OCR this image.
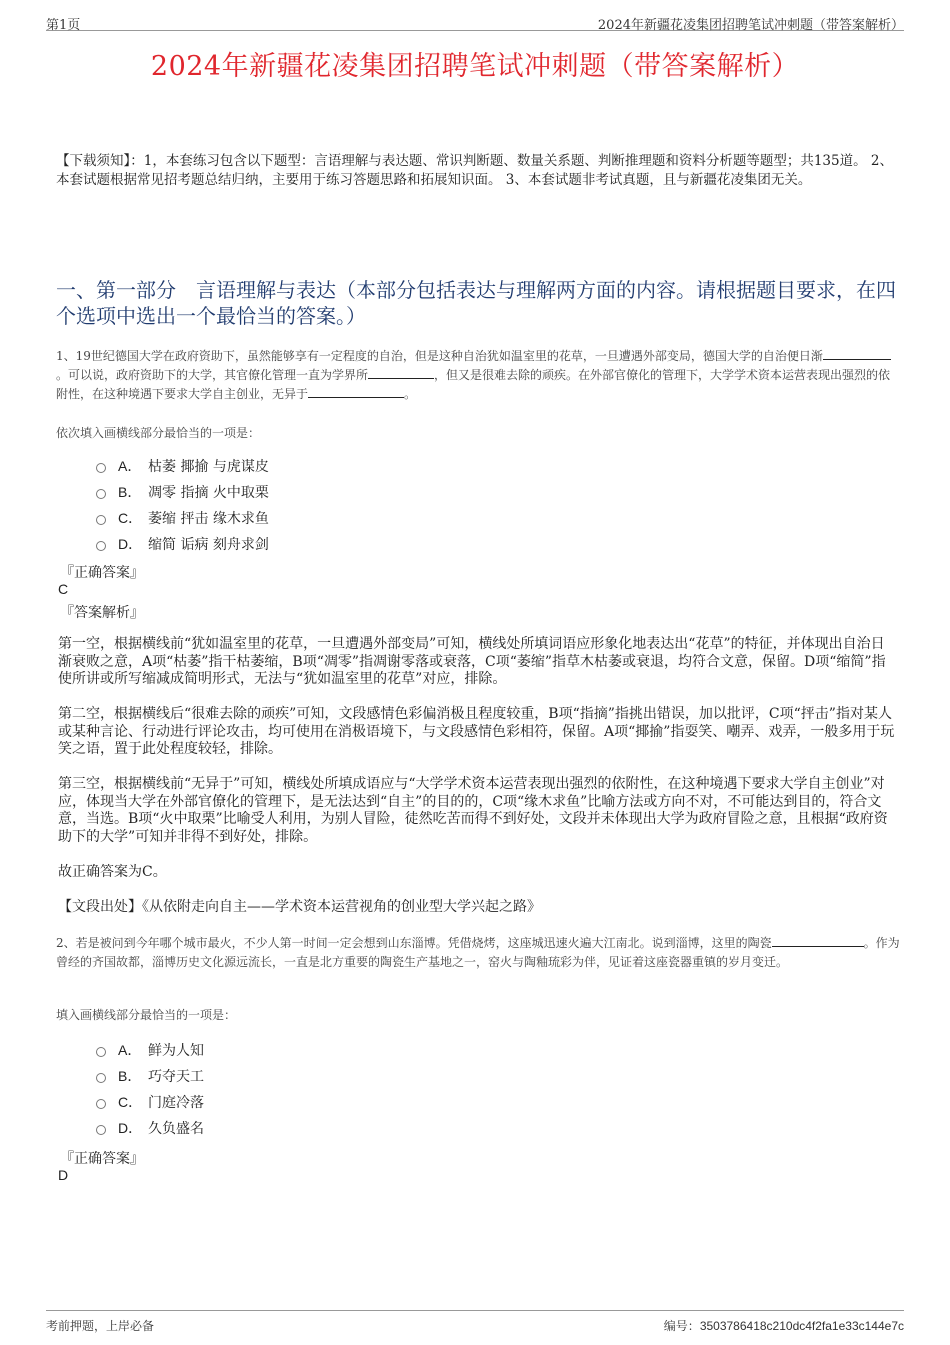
第1页	2024年新疆花凌集团招聘笔试冲刺题（带答案解析）
2024年新疆花凌集团招聘笔试冲刺题（带答案解析）
【下载须知】：1，本套练习包含以下题型：言语理解与表达题、常识判断题、数量关系题、判断推理题和资料分析题等题型；共135道。 2、本套试题根据常见招考题总结归纳，主要用于练习答题思路和拓展知识面。 3、本套试题非考试真题，且与新疆花凌集团无关。
一、第一部分　言语理解与表达（本部分包括表达与理解两方面的内容。请根据题目要求，在四个选项中选出一个最恰当的答案。）
1、19世纪德国大学在政府资助下，虽然能够享有一定程度的自治，但是这种自治犹如温室里的花草，一旦遭遇外部变局，德国大学的自治便日渐。可以说，政府资助下的大学，其官僚化管理一直为学界所	，但又是很难去除的顽疾。在外部官僚化的管理下，大学学术资本运营表现出强烈的依附性，在这种境遇下要求大学自主创业，无异于	。
依次填入画横线部分最恰当的一项是：
A． 枯萎 揶揄 与虎谋皮
B． 凋零 指摘 火中取栗
C． 萎缩 抨击 缘木求鱼
D． 缩简 诟病 刻舟求剑
『正确答案』
C
『答案解析』
第一空，根据横线前“犹如温室里的花草，一旦遭遇外部变局”可知，横线处所填词语应形象化地表达出“花草”的特征，并体现出自治日渐衰败之意，A项“枯萎”指干枯萎缩，B项“凋零”指凋谢零落或衰落，C项“萎缩”指草木枯萎或衰退，均符合文意，保留。D项“缩简”指使所讲或所写缩减成简明形式，无法与“犹如温室里的花草”对应，排除。
第二空，根据横线后“很难去除的顽疾”可知，文段感情色彩偏消极且程度较重，B项“指摘”指挑出错误，加以批评，C项“抨击”指对某人或某种言论、行动进行评论攻击，均可使用在消极语境下，与文段感情色彩相符，保留。A项“揶揄”指耍笑、嘲弄、戏弄，一般多用于玩笑之语，置于此处程度较轻，排除。
第三空，根据横线前“无异于”可知，横线处所填成语应与“大学学术资本运营表现出强烈的依附性，在这种境遇下要求大学自主创业”对应，体现当大学在外部官僚化的管理下，是无法达到“自主”的目的的，C项“缘木求鱼”比喻方法或方向不对，不可能达到目的，符合文意，当选。B项“火中取栗”比喻受人利用，为别人冒险，徒然吃苦而得不到好处，文段并未体现出大学为政府冒险之意，且根据“政府资助下的大学”可知并非得不到好处，排除。
故正确答案为C。
【文段出处】《从依附走向自主——学术资本运营视角的创业型大学兴起之路》
2、若是被问到今年哪个城市最火，不少人第一时间一定会想到山东淄博。凭借烧烤，这座城迅速火遍大江南北。说到淄博，这里的陶瓷	。作为曾经的齐国故都，淄博历史文化源远流长，一直是北方重要的陶瓷生产基地之一，窑火与陶釉琉彩为伴，见证着这座瓷器重镇的岁月变迁。
填入画横线部分最恰当的一项是：
A． 鲜为人知
B． 巧夺天工
C． 门庭冷落
D． 久负盛名
『正确答案』
D
考前押题，上岸必备	编号：3503786418c210dc4f2fa1e33c144e7c
